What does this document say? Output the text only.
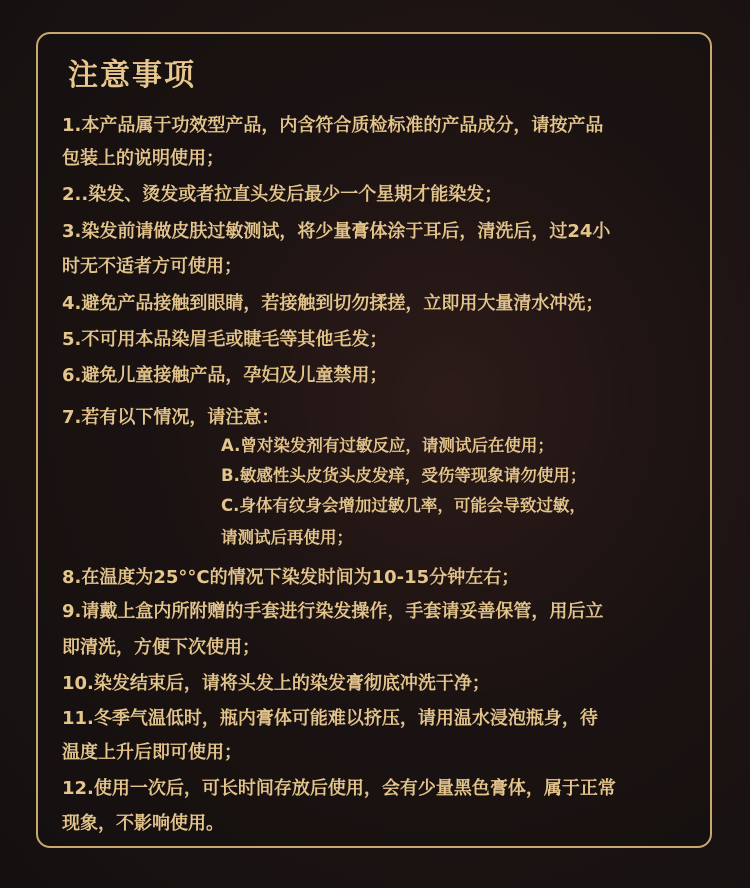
注意事项
1.本产品属于功效型产品，内含符合质检标准的产品成分，请按产品
包装上的说明使用；
2..染发、烫发或者拉直头发后最少一个星期才能染发；
3.染发前请做皮肤过敏测试，将少量膏体涂于耳后，清洗后，过24小
时无不适者方可使用；
4.避免产品接触到眼睛，若接触到切勿揉搓，立即用大量清水冲洗；
5.不可用本品染眉毛或睫毛等其他毛发；
6.避免儿童接触产品，孕妇及儿童禁用；
7.若有以下情况，请注意：
A.曾对染发剂有过敏反应，请测试后在使用；
B.敏感性头皮货头皮发痒，受伤等现象请勿使用；
C.身体有纹身会增加过敏几率，可能会导致过敏，
请测试后再使用；
8.在温度为25°°C的情况下染发时间为10-15分钟左右；
9.请戴上盒内所附赠的手套进行染发操作，手套请妥善保管，用后立
即清洗，方便下次使用；
10.染发结束后，请将头发上的染发膏彻底冲洗干净；
11.冬季气温低时，瓶内膏体可能难以挤压，请用温水浸泡瓶身，待
温度上升后即可使用；
12.使用一次后，可长时间存放后使用，会有少量黑色膏体，属于正常
现象，不影响使用。
